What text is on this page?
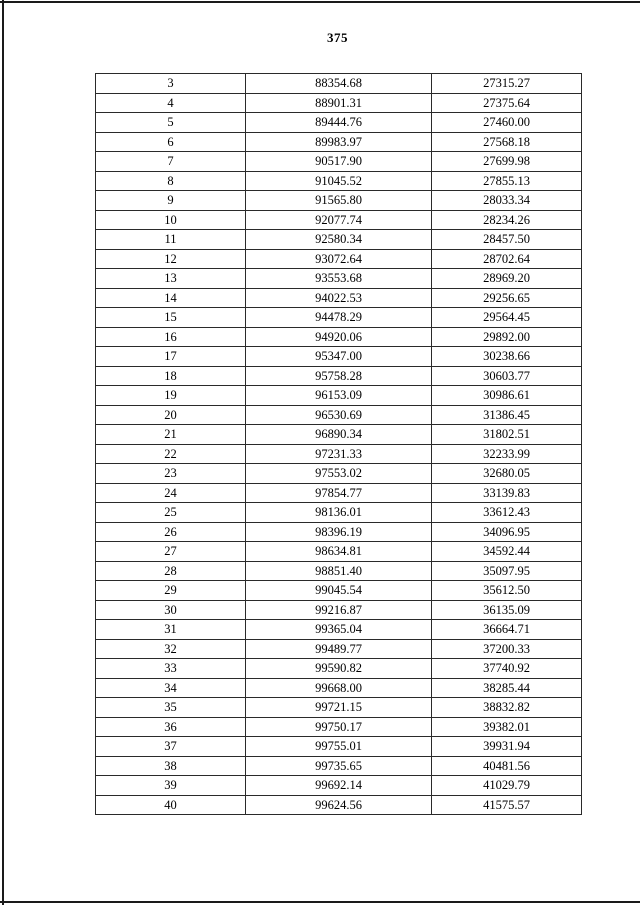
375
3	88354.68	27315.27
4	88901.31	27375.64
5	89444.76	27460.00
6	89983.97	27568.18
7	90517.90	27699.98
8	91045.52	27855.13
9	91565.80	28033.34
10	92077.74	28234.26
11	92580.34	28457.50
12	93072.64	28702.64
13	93553.68	28969.20
14	94022.53	29256.65
15	94478.29	29564.45
16	94920.06	29892.00
17	95347.00	30238.66
18	95758.28	30603.77
19	96153.09	30986.61
20	96530.69	31386.45
21	96890.34	31802.51
22	97231.33	32233.99
23	97553.02	32680.05
24	97854.77	33139.83
25	98136.01	33612.43
26	98396.19	34096.95
27	98634.81	34592.44
28	98851.40	35097.95
29	99045.54	35612.50
30	99216.87	36135.09
31	99365.04	36664.71
32	99489.77	37200.33
33	99590.82	37740.92
34	99668.00	38285.44
35	99721.15	38832.82
36	99750.17	39382.01
37	99755.01	39931.94
38	99735.65	40481.56
39	99692.14	41029.79
40	99624.56	41575.57
